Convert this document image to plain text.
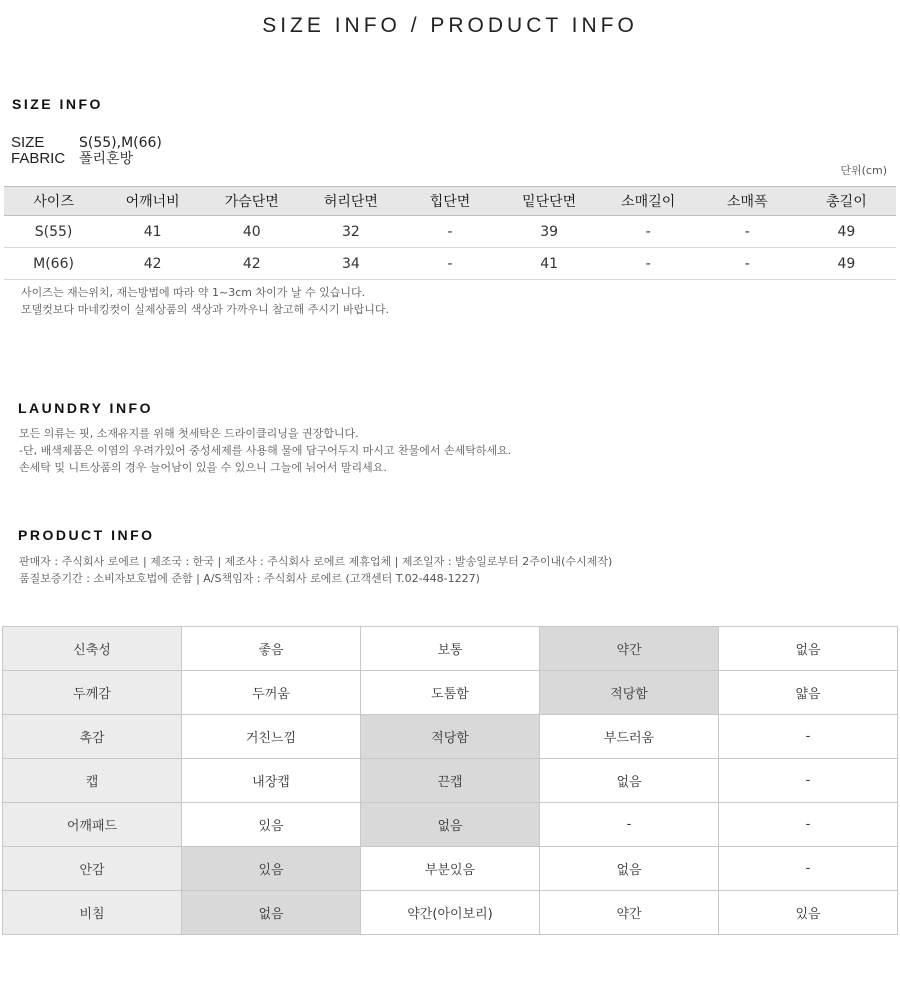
SIZE INFO / PRODUCT INFO
SIZE INFO
SIZE S(55),M(66)
FABRIC 폴리혼방
단위(cm)
사이즈	어깨너비	가슴단면	허리단면	힙단면	밑단단면	소매길이	소매폭	총길이
S(55)	41	40	32	-	39	-	-	49
M(66)	42	42	34	-	41	-	-	49
사이즈는 재는위치, 재는방법에 따라 약 1~3cm 차이가 날 수 있습니다.
모델컷보다 마네킹컷이 실제상품의 색상과 가까우니 참고해 주시기 바랍니다.
LAUNDRY INFO
모든 의류는 핏, 소재유지를 위해 첫세탁은 드라이클리닝을 권장합니다.
-단, 배색제품은 이염의 우려가있어 중성세제를 사용해 물에 담구어두지 마시고 찬물에서 손세탁하세요.
손세탁 및 니트상품의 경우 늘어남이 있을 수 있으니 그늘에 뉘어서 말리세요.
PRODUCT INFO
판매자 : 주식회사 로에르 | 제조국 : 한국 | 제조사 : 주식회사 로에르 제휴업체 | 제조일자 : 발송일로부터 2주이내(수시제작)
품질보증기간 : 소비자보호법에 준함 | A/S책임자 : 주식회사 로에르 (고객센터 T.02-448-1227)
신축성	좋음	보통	약간	없음
두께감	두꺼움	도톰함	적당함	얇음
촉감	거친느낌	적당함	부드러움	-
캡	내장캡	끈캡	없음	-
어깨패드	있음	없음	-	-
안감	있음	부분있음	없음	-
비침	없음	약간(아이보리)	약간	있음
